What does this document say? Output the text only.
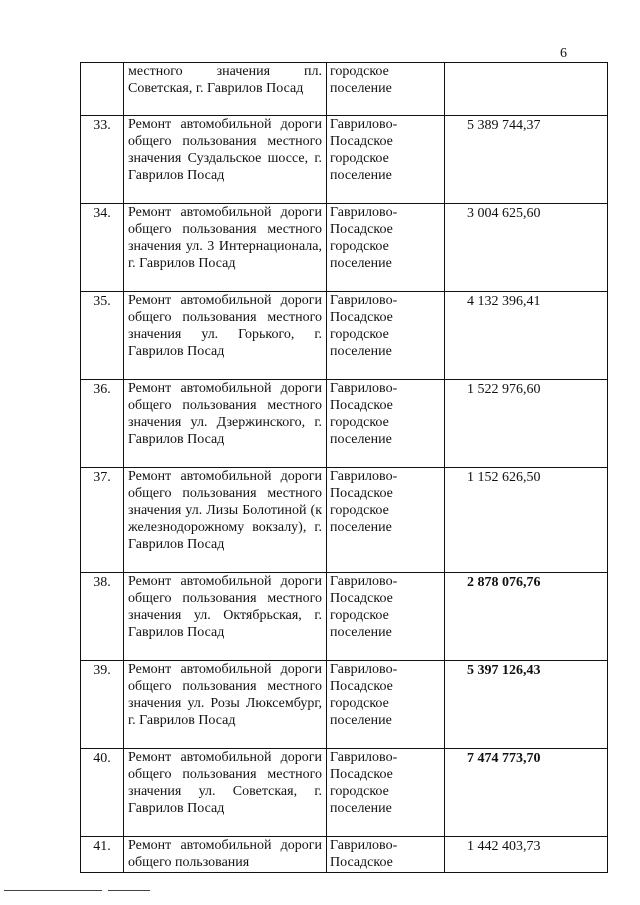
6
	местного значения пл. Советская, г. Гаврилов Посад	городское поселение	
33.	Ремонт автомобильной дороги общего пользования местного значения Суздальское шоссе, г. Гаврилов Посад	Гаврилово-Посадское городское поселение	5 389 744,37
34.	Ремонт автомобильной дороги общего пользования местного значения ул. 3 Интернационала, г. Гаврилов Посад	Гаврилово-Посадское городское поселение	3 004 625,60
35.	Ремонт автомобильной дороги общего пользования местного значения ул. Горького, г. Гаврилов Посад	Гаврилово-Посадское городское поселение	4 132 396,41
36.	Ремонт автомобильной дороги общего пользования местного значения ул. Дзержинского, г. Гаврилов Посад	Гаврилово-Посадское городское поселение	1 522 976,60
37.	Ремонт автомобильной дороги общего пользования местного значения ул. Лизы Болотиной (к железнодорожному вокзалу), г. Гаврилов Посад	Гаврилово-Посадское городское поселение	1 152 626,50
38.	Ремонт автомобильной дороги общего пользования местного значения ул. Октябрьская, г. Гаврилов Посад	Гаврилово-Посадское городское поселение	2 878 076,76
39.	Ремонт автомобильной дороги общего пользования местного значения ул. Розы Люксембург, г. Гаврилов Посад	Гаврилово-Посадское городское поселение	5 397 126,43
40.	Ремонт автомобильной дороги общего пользования местного значения ул. Советская, г. Гаврилов Посад	Гаврилово-Посадское городское поселение	7 474 773,70
41.	Ремонт автомобильной дороги общего пользования	Гаврилово-Посадское	1 442 403,73
